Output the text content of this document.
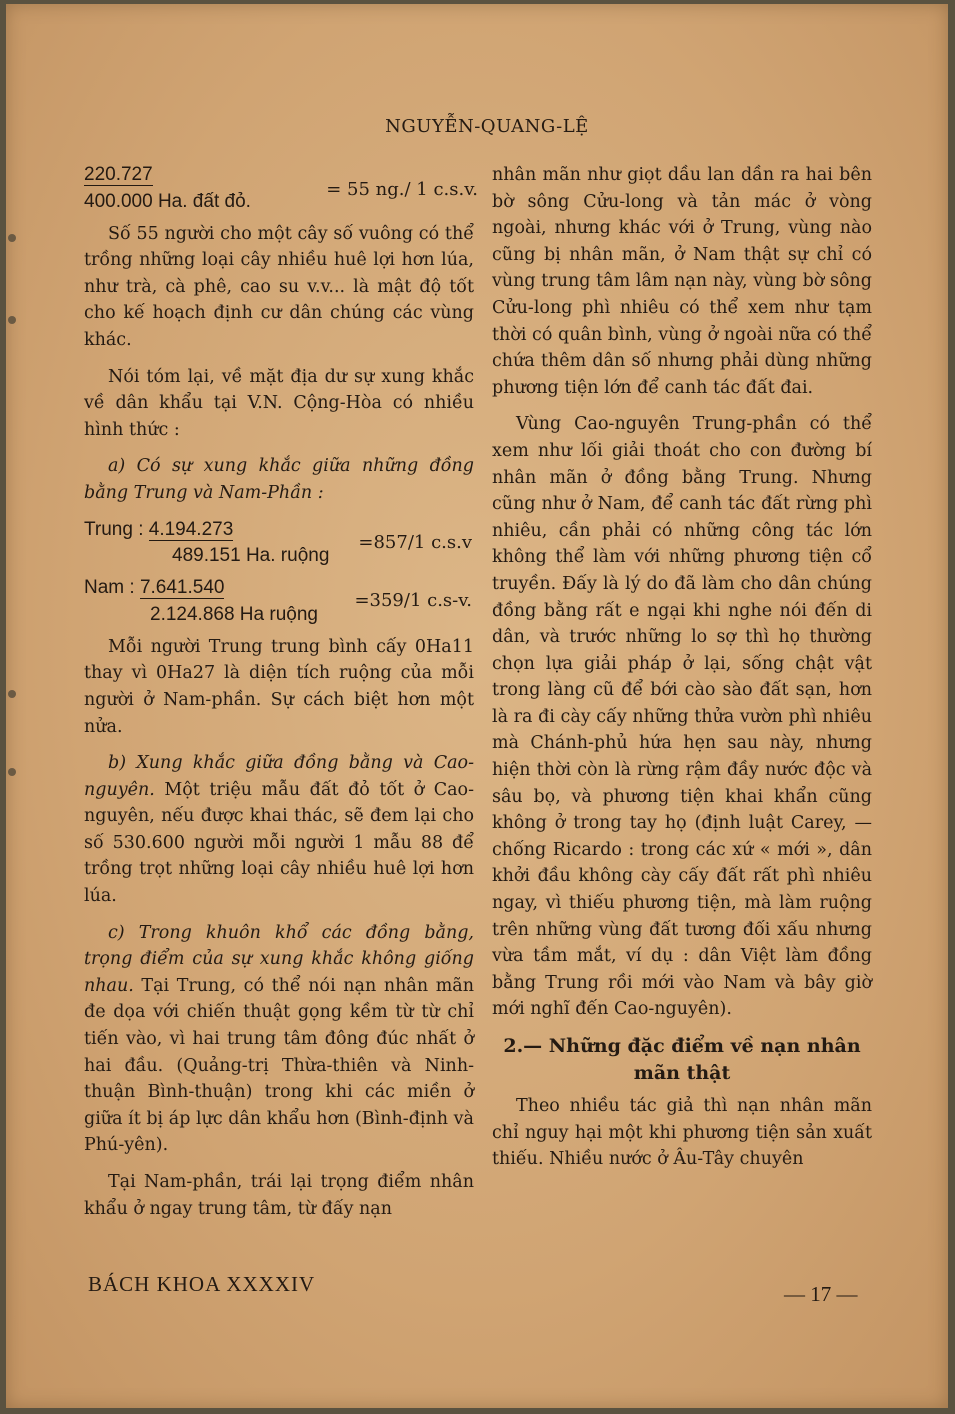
NGUYỄN-QUANG-LỆ
220.727
400.000 Ha. đất đỏ.
= 55 ng./ 1 c.s.v.

Số 55 người cho một cây số vuông có thể trồng những loại cây nhiều huê lợi hơn lúa, như trà, cà phê, cao su v.v... là mật độ tốt cho kế hoạch định cư dân chúng các vùng khác.

Nói tóm lại, về mặt địa dư sự xung khắc về dân khẩu tại V.N. Cộng-Hòa có nhiều hình thức :

a) Có sự xung khắc giữa những đồng bằng Trung và Nam-Phần :

Trung : 4.194.273
489.151 Ha. ruộng
=857/1 c.s.v
Nam : 7.641.540
2.124.868 Ha ruộng
=359/1 c.s-v.

Mỗi người Trung trung bình cấy 0Ha11 thay vì 0Ha27 là diện tích ruộng của mỗi người ở Nam-phần. Sự cách biệt hơn một nửa.

b) Xung khắc giữa đồng bằng và Cao-nguyên. Một triệu mẫu đất đỏ tốt ở Cao-nguyên, nếu được khai thác, sẽ đem lại cho số 530.600 người mỗi người 1 mẫu 88 để trồng trọt những loại cây nhiều huê lợi hơn lúa.

c) Trong khuôn khổ các đồng bằng, trọng điểm của sự xung khắc không giống nhau. Tại Trung, có thể nói nạn nhân mãn đe dọa với chiến thuật gọng kềm từ từ chỉ tiến vào, vì hai trung tâm đông đúc nhất ở hai đầu. (Quảng-trị Thừa-thiên và Ninh-thuận Bình-thuận) trong khi các miền ở giữa ít bị áp lực dân khẩu hơn (Bình-định và Phú-yên).

Tại Nam-phần, trái lại trọng điểm nhân khẩu ở ngay trung tâm, từ đấy nạn

nhân mãn như giọt dầu lan dần ra hai bên bờ sông Cửu-long và tản mác ở vòng ngoài, nhưng khác với ở Trung, vùng nào cũng bị nhân mãn, ở Nam thật sự chỉ có vùng trung tâm lâm nạn này, vùng bờ sông Cửu-long phì nhiêu có thể xem như tạm thời có quân bình, vùng ở ngoài nữa có thể chứa thêm dân số nhưng phải dùng những phương tiện lớn để canh tác đất đai.

Vùng Cao-nguyên Trung-phần có thể xem như lối giải thoát cho con đường bí nhân mãn ở đồng bằng Trung. Nhưng cũng như ở Nam, để canh tác đất rừng phì nhiêu, cần phải có những công tác lớn không thể làm với những phương tiện cổ truyền. Đấy là lý do đã làm cho dân chúng đồng bằng rất e ngại khi nghe nói đến di dân, và trước những lo sợ thì họ thường chọn lựa giải pháp ở lại, sống chật vật trong làng cũ để bới cào sào đất sạn, hơn là ra đi cày cấy những thửa vườn phì nhiêu mà Chánh-phủ hứa hẹn sau này, nhưng hiện thời còn là rừng rậm đầy nước độc và sâu bọ, và phương tiện khai khẩn cũng không ở trong tay họ (định luật Carey, — chống Ricardo : trong các xứ « mới », dân khởi đầu không cày cấy đất rất phì nhiêu ngay, vì thiếu phương tiện, mà làm ruộng trên những vùng đất tương đối xấu nhưng vừa tầm mắt, ví dụ : dân Việt làm đồng bằng Trung rồi mới vào Nam và bây giờ mới nghĩ đến Cao-nguyên).

2.— Những đặc điểm về nạn nhân mãn thật

Theo nhiều tác giả thì nạn nhân mãn chỉ nguy hại một khi phương tiện sản xuất thiếu. Nhiều nước ở Âu-Tây chuyên

BÁCH KHOA XXXXIV	— 17 —
